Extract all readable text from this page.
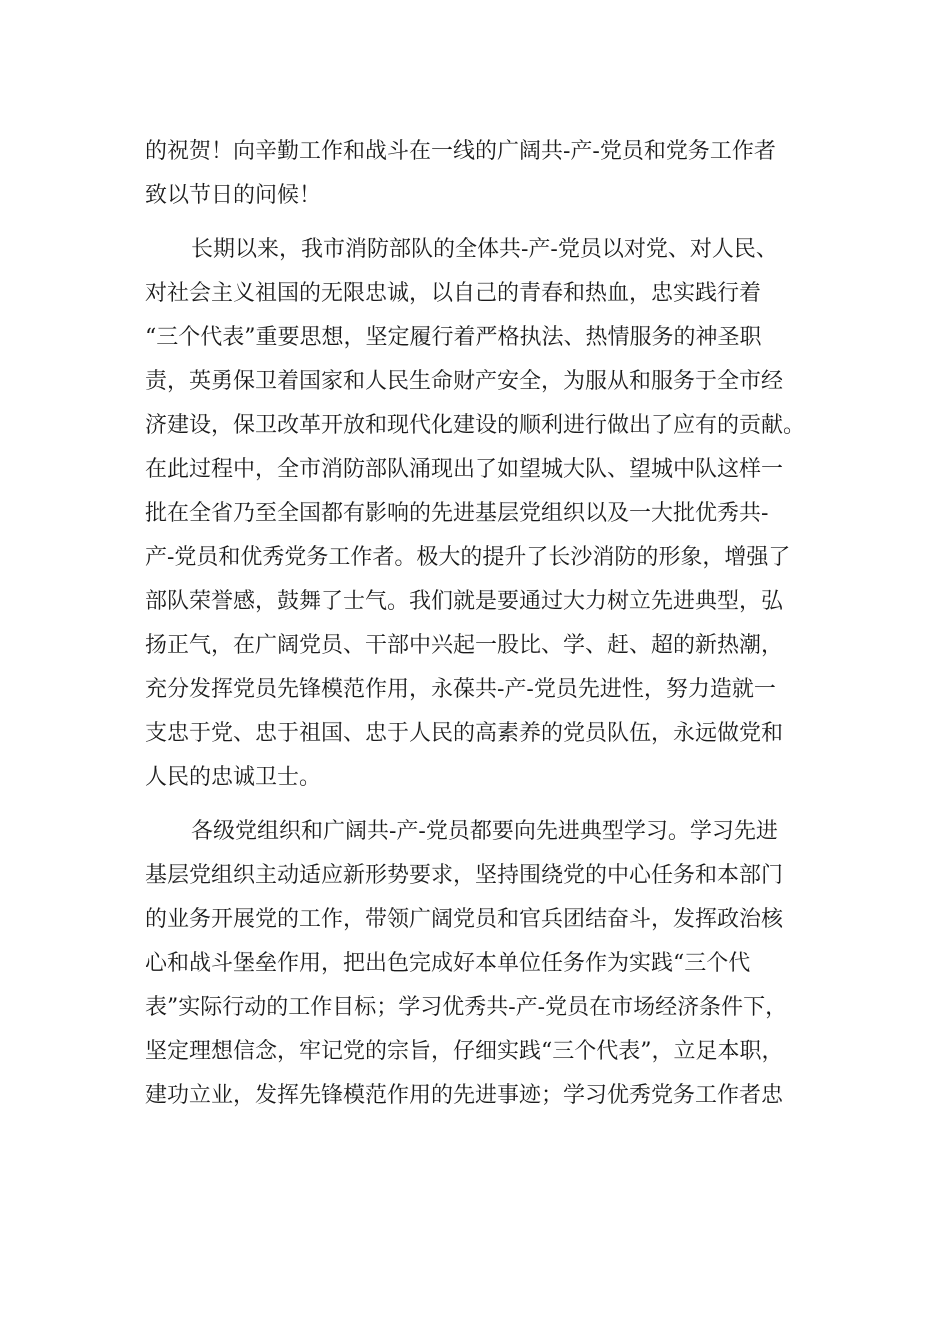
的祝贺！向辛勤工作和战斗在一线的广阔共-产-党员和党务工作者
致以节日的问候！
长期以来，我市消防部队的全体共-产-党员以对党、对人民、
对社会主义祖国的无限忠诚，以自己的青春和热血，忠实践行着
“三个代表”重要思想，坚定履行着严格执法、热情服务的神圣职
责，英勇保卫着国家和人民生命财产安全，为服从和服务于全市经
济建设，保卫改革开放和现代化建设的顺利进行做出了应有的贡献。
在此过程中，全市消防部队涌现出了如望城大队、望城中队这样一
批在全省乃至全国都有影响的先进基层党组织以及一大批优秀共-
产-党员和优秀党务工作者。极大的提升了长沙消防的形象，增强了
部队荣誉感，鼓舞了士气。我们就是要通过大力树立先进典型，弘
扬正气，在广阔党员、干部中兴起一股比、学、赶、超的新热潮，
充分发挥党员先锋模范作用，永葆共-产-党员先进性，努力造就一
支忠于党、忠于祖国、忠于人民的高素养的党员队伍，永远做党和
人民的忠诚卫士。
各级党组织和广阔共-产-党员都要向先进典型学习。学习先进
基层党组织主动适应新形势要求，坚持围绕党的中心任务和本部门
的业务开展党的工作，带领广阔党员和官兵团结奋斗，发挥政治核
心和战斗堡垒作用，把出色完成好本单位任务作为实践“三个代
表”实际行动的工作目标；学习优秀共-产-党员在市场经济条件下，
坚定理想信念，牢记党的宗旨，仔细实践“三个代表”，立足本职，
建功立业，发挥先锋模范作用的先进事迹；学习优秀党务工作者忠
